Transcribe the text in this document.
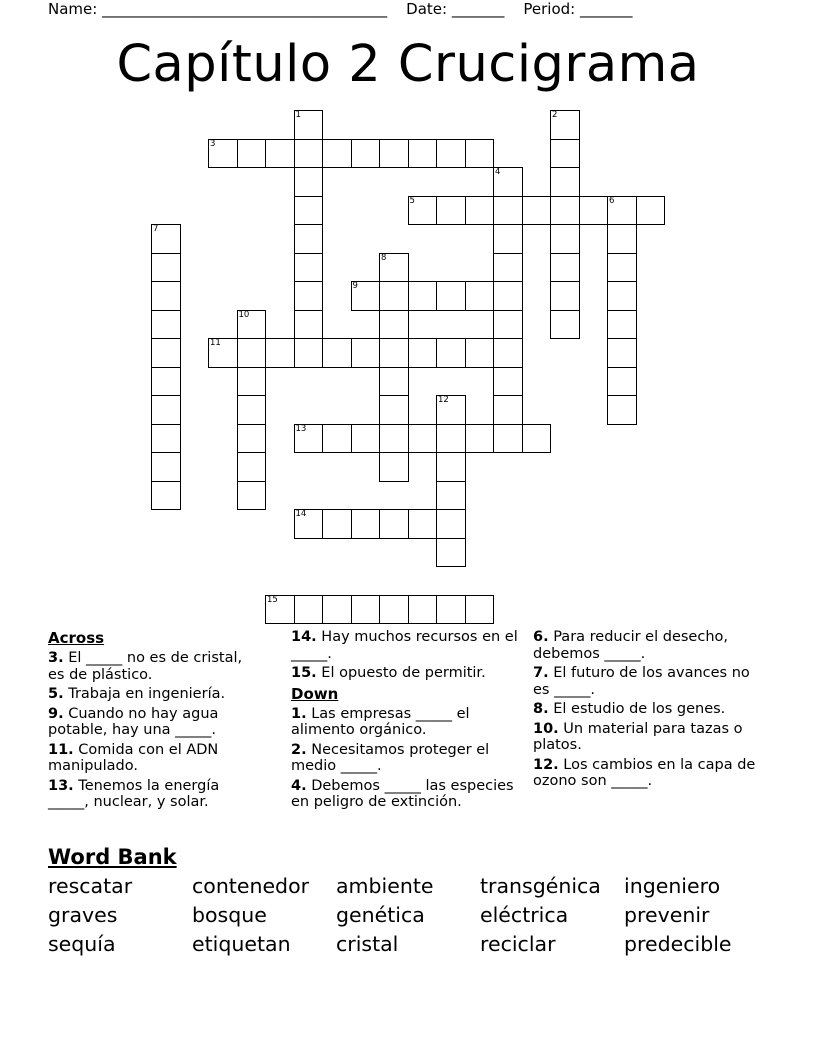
Name: ______________________________________    Date: _______    Period: _______
Capítulo 2 Crucigrama
1	2
3
4
5	6
7
8
9
10
11
12
13
14
15
Across
3. El _____ no es de cristal, es de plástico.
5. Trabaja en ingeniería.
9. Cuando no hay agua potable, hay una _____.
11. Comida con el ADN manipulado.
13. Tenemos la energía _____, nuclear, y solar.
14. Hay muchos recursos en el _____.
15. El opuesto de permitir.
Down
1. Las empresas _____ el alimento orgánico.
2. Necesitamos proteger el medio _____.
4. Debemos _____ las especies en peligro de extinción.
6. Para reducir el desecho, debemos _____.
7. El futuro de los avances no es _____.
8. El estudio de los genes.
10. Un material para tazas o platos.
12. Los cambios en la capa de ozono son _____.
Word Bank
rescatar	contenedor	ambiente	transgénica	ingeniero
graves	bosque	genética	eléctrica	prevenir
sequía	etiquetan	cristal	reciclar	predecible
